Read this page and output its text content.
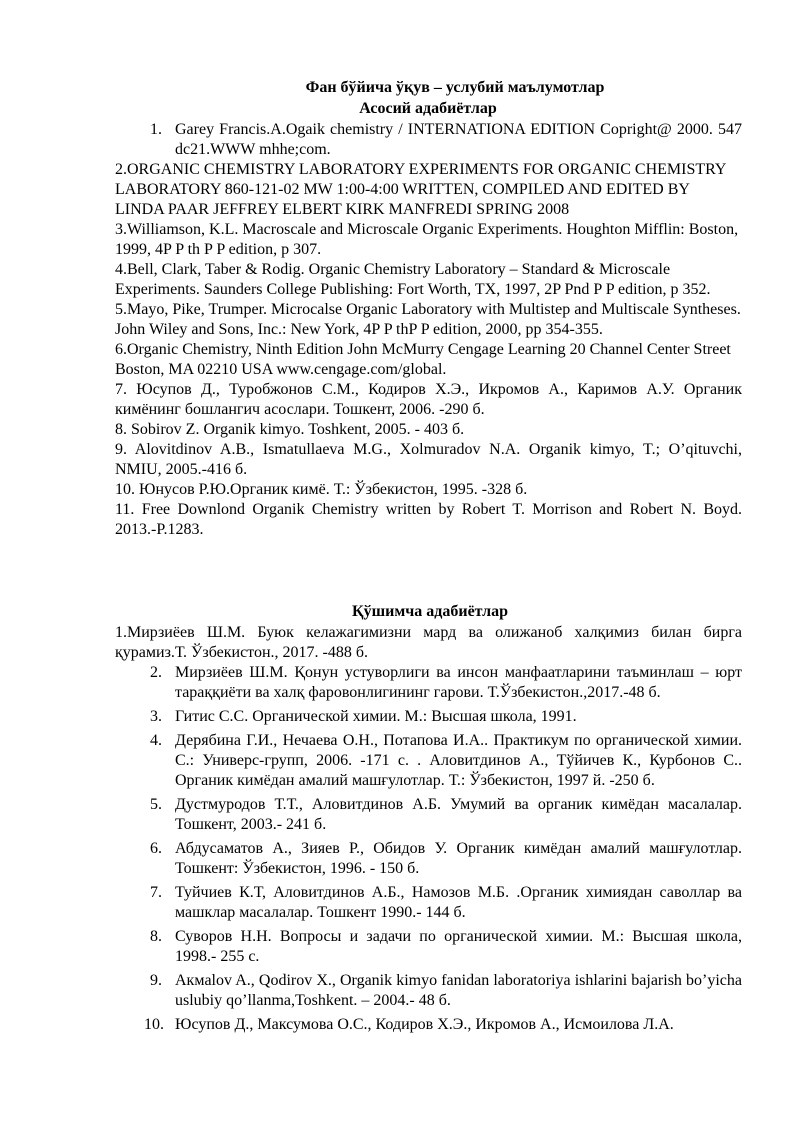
Фан бўйича ўқув – услубий маълумотлар
Асосий адабиётлар
1. Garey Francis.A.Ogaik chemistry / INTERNATIONA EDITION Copright@ 2000. 547 dc21.WWW mhhe;com.
2.ORGANIC CHEMISTRY LABORATORY EXPERIMENTS FOR ORGANIC CHEMISTRY LABORATORY 860-121-02 MW 1:00-4:00 WRITTEN, COMPILED AND EDITED BY LINDA PAAR JEFFREY ELBERT KIRK MANFREDI SPRING 2008
3.Williamson, K.L. Macroscale and Microscale Organic Experiments. Houghton Mifflin: Boston, 1999, 4P P th P P edition, p 307.
4.Bell, Clark, Taber & Rodig. Organic Chemistry Laboratory – Standard & Microscale Experiments. Saunders College Publishing: Fort Worth, TX, 1997, 2P Pnd P P edition, p 352.
5.Mayo, Pike, Trumper. Microcalse Organic Laboratory with Multistep and Multiscale Syntheses. John Wiley and Sons, Inc.: New York, 4P P thP P edition, 2000, pp 354-355.
6.Organic Chemistry, Ninth Edition John McMurry Cengage Learning 20 Channel Center Street Boston, MA 02210 USA www.cengage.com/global.
7. Юсупов Д., Туробжонов С.М., Кодиров Х.Э., Икромов А., Каримов А.У. Органик кимёнинг бошлангич асослари. Тошкент, 2006. -290 б.
8. Sobirov Z. Organik kimyo. Toshkent, 2005. - 403 б.
9. Alovitdinov A.B., Ismatullaeva M.G., Xolmuradov N.A. Organik kimyo, T.; O’qituvchi, NMIU, 2005.-416 б.
10. Юнусов Р.Ю.Органик кимё. Т.: Ўзбекистон, 1995. -328 б.
11. Free Downlond Organik Chemistry written by Robert T. Morrison and Robert N. Boyd. 2013.-P.1283.
Қўшимча адабиётлар
1.Мирзиёев Ш.М. Буюк келажагимизни мард ва олижаноб халқимиз билан бирга қурамиз.Т. Ўзбекистон., 2017. -488 б.
2. Мирзиёев Ш.М. Қонун устуворлиги ва инсон манфаатларини таъминлаш – юрт тараққиёти ва халқ фаровонлигининг гарови. Т.Ўзбекистон.,2017.-48 б.
3. Гитис С.С. Органической химии. М.: Высшая школа, 1991.
4. Дерябина Г.И., Нечаева О.Н., Потапова И.А.. Практикум по органической химии. С.: Универс-групп, 2006. -171 с. . Аловитдинов А., Тўйичев К., Курбонов С.. Органик кимёдан амалий машғулотлар. Т.: Ўзбекистон, 1997 й. -250 б.
5. Дустмуродов Т.Т., Аловитдинов А.Б. Умумий ва органик кимёдан масалалар. Тошкент, 2003.- 241 б.
6. Абдусаматов А., Зияев Р., Обидов У. Органик кимёдан амалий машғулотлар. Тошкент: Ўзбекистон, 1996. - 150 б.
7. Туйчиев К.Т, Аловитдинов А.Б., Намозов М.Б. .Органик химиядан саволлар ва машклар масалалар. Тошкент 1990.- 144 б.
8. Суворов Н.Н. Вопросы и задачи по органической химии. М.: Высшая школа, 1998.- 255 с.
9. Акмalov A., Qodirov X., Organik kimyo fanidan laboratoriya ishlarini bajarish bo’yicha uslubiy qo’llanma,Toshkent. – 2004.- 48 б.
10. Юсупов Д., Максумова О.С., Кодиров Х.Э., Икромов А., Исмоилова Л.А.
